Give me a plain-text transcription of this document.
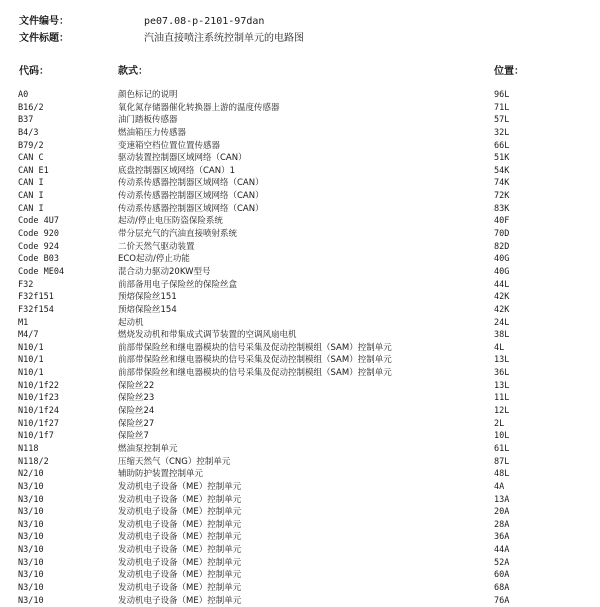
文件编号：	pe07.08-p-2101-97dan
文件标题：	汽油直接喷注系统控制单元的电路图
代码：	款式：	位置：
A0	颜色标记的说明	96L
B16/2	氧化氮存储器催化转换器上游的温度传感器	71L
B37	油门踏板传感器	57L
B4/3	燃油箱压力传感器	32L
B79/2	变速箱空档位置位置传感器	66L
CAN C	驱动装置控制器区域网络（CAN）	51K
CAN E1	底盘控制器区域网络（CAN）1	54K
CAN I	传动系传感器控制器区域网络（CAN）	74K
CAN I	传动系传感器控制器区域网络（CAN）	72K
CAN I	传动系传感器控制器区域网络（CAN）	83K
Code 4U7	起动/停止电压防盗保险系统	40F
Code 920	带分层充气的汽油直接喷射系统	70D
Code 924	二价天然气驱动装置	82D
Code B03	ECO起动/停止功能	40G
Code ME04	混合动力驱动20KW型号	40G
F32	前部备用电子保险丝的保险丝盒	44L
F32f151	预熔保险丝151	42K
F32f154	预熔保险丝154	42K
M1	起动机	24L
M4/7	燃烧发动机和带集成式调节装置的空调风扇电机	38L
N10/1	前部带保险丝和继电器模块的信号采集及促动控制模组（SAM）控制单元	4L
N10/1	前部带保险丝和继电器模块的信号采集及促动控制模组（SAM）控制单元	13L
N10/1	前部带保险丝和继电器模块的信号采集及促动控制模组（SAM）控制单元	36L
N10/1f22	保险丝22	13L
N10/1f23	保险丝23	11L
N10/1f24	保险丝24	12L
N10/1f27	保险丝27	2L
N10/1f7	保险丝7	10L
N118	燃油泵控制单元	61L
N118/2	压缩天然气（CNG）控制单元	87L
N2/10	辅助防护装置控制单元	48L
N3/10	发动机电子设备（ME）控制单元	4A
N3/10	发动机电子设备（ME）控制单元	13A
N3/10	发动机电子设备（ME）控制单元	20A
N3/10	发动机电子设备（ME）控制单元	28A
N3/10	发动机电子设备（ME）控制单元	36A
N3/10	发动机电子设备（ME）控制单元	44A
N3/10	发动机电子设备（ME）控制单元	52A
N3/10	发动机电子设备（ME）控制单元	60A
N3/10	发动机电子设备（ME）控制单元	68A
N3/10	发动机电子设备（ME）控制单元	76A
